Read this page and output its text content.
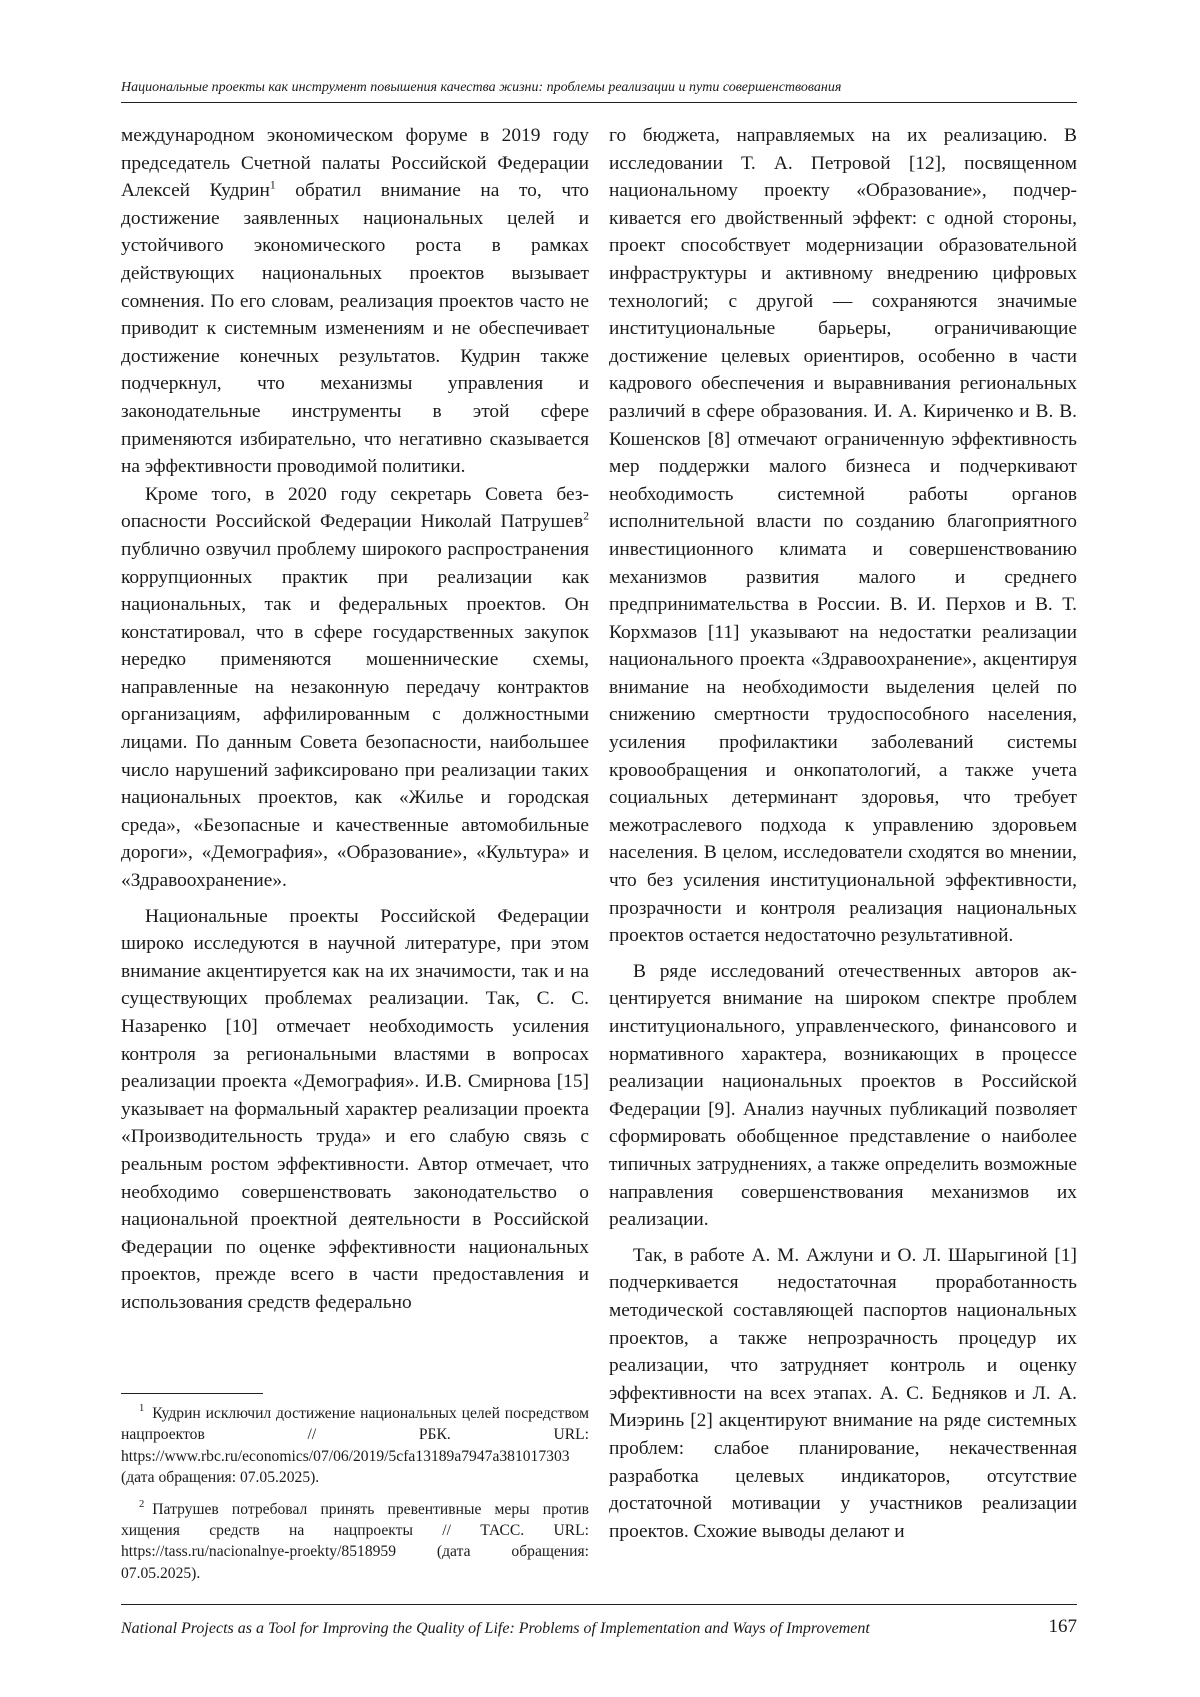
Национальные проекты как инструмент повышения качества жизни: проблемы реализации и пути совершенствования

международном экономическом форуме в 2019 году председатель Счетной палаты Российской Федерации Алексей Кудрин$^1$ обратил внимание на то, что достижение заявленных национальных целей и устойчивого экономического роста в рамках действующих национальных проектов вызывает сомнения. По его словам, реализация проектов часто не приводит к системным изменениям и не обеспечивает достижение конечных результатов. Кудрин также подчеркнул, что механизмы управления и законодательные инструменты в этой сфере применяются избирательно, что негативно сказывается на эффективности проводимой политики.

Кроме того, в 2020 году секретарь Совета безопасности Российской Федерации Николай Патрушев$^2$ публично озвучил проблему широкого распространения коррупционных практик при реализации как национальных, так и федеральных проектов. Он констатировал, что в сфере государственных закупок нередко применяются мошеннические схемы, направленные на незаконную передачу контрактов организациям, аффилированным с должностными лицами. По данным Совета безопасности, наибольшее число нарушений зафиксировано при реализации таких национальных проектов, как «Жилье и городская среда», «Безопасные и качественные автомобильные дороги», «Демография», «Образование», «Культура» и «Здравоохранение».

Национальные проекты Российской Федерации широко исследуются в научной литературе, при этом внимание акцентируется как на их значимости, так и на существующих проблемах реализации. Так, С. С. Назаренко [10] отмечает необходимость усиления контроля за региональными властями в вопросах реализации проекта «Демография». И.В. Смирнова [15] указывает на формальный характер реализации проекта «Производительность труда» и его слабую связь с реальным ростом эффективности. Автор отмечает, что необходимо совершенствовать законодательство о национальной проектной деятельности в Российской Федерации по оценке эффективности национальных проектов, прежде всего в части предоставления и использования средств федерально

го бюджета, направляемых на их реализацию. В исследовании Т. А. Петровой [12], посвященном национальному проекту «Образование», подчеркивается его двойственный эффект: с одной стороны, проект способствует модернизации образовательной инфраструктуры и активному внедрению цифровых технологий; с другой — сохраняются значимые институциональные барьеры, ограничивающие достижение целевых ориентиров, особенно в части кадрового обеспечения и выравнивания региональных различий в сфере образования. И. А. Кириченко и В. В. Кошенсков [8] отмечают ограниченную эффективность мер поддержки малого бизнеса и подчеркивают необходимость системной работы органов исполнительной власти по созданию благоприятного инвестиционного климата и совершенствованию механизмов развития малого и среднего предпринимательства в России. В. И. Перхов и В. Т. Корхмазов [11] указывают на недостатки реализации национального проекта «Здравоохранение», акцентируя внимание на необходимости выделения целей по снижению смертности трудоспособного населения, усиления профилактики заболеваний системы кровообращения и онкопатологий, а также учета социальных детерминант здоровья, что требует межотраслевого подхода к управлению здоровьем населения. В целом, исследователи сходятся во мнении, что без усиления институциональной эффективности, прозрачности и контроля реализация национальных проектов остается недостаточно результативной.

В ряде исследований отечественных авторов акцентируется внимание на широком спектре проблем институционального, управленческого, финансового и нормативного характера, возникающих в процессе реализации национальных проектов в Российской Федерации [9]. Анализ научных публикаций позволяет сформировать обобщенное представление о наиболее типичных затруднениях, а также определить возможные направления совершенствования механизмов их реализации.

Так, в работе А. М. Ажлуни и О. Л. Шарыгиной [1] подчеркивается недостаточная проработанность методической составляющей паспортов национальных проектов, а также непрозрачность процедур их реализации, что затрудняет контроль и оценку эффективности на всех этапах. А. С. Бедняков и Л. А. Миэринь [2] акцентируют внимание на ряде системных проблем: слабое планирование, некачественная разработка целевых индикаторов, отсутствие достаточной мотивации у участников реализации проектов. Схожие выводы делают и

$^1$ Кудрин исключил достижение национальных целей посредством нацпроектов // РБК. URL: https://www.rbc.ru/economics/07/06/2019/5cfa13189a7947a381017303 (дата обращения: 07.05.2025).

$^2$ Патрушев потребовал принять превентивные меры против хищения средств на нацпроекты // ТАСС. URL: https://tass.ru/nacionalnye-proekty/8518959 (дата обращения: 07.05.2025).

National Projects as a Tool for Improving the Quality of Life: Problems of Implementation and Ways of Improvement	167
